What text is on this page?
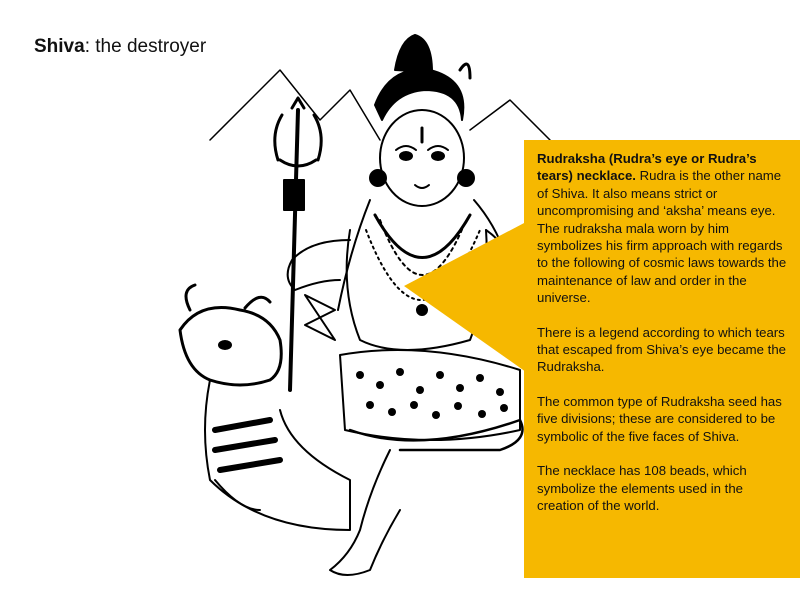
Shiva: the destroyer

Rudraksha (Rudra’s eye or Rudra’s tears) necklace. Rudra is the other name of Shiva. It also means strict or uncompromising and ‘aksha’ means eye. The rudraksha mala worn by him symbolizes his firm approach with regards to the following of cosmic laws towards the maintenance of law and order in the universe.

There is a legend according to which tears that escaped from Shiva’s eye became the Rudraksha.

The common type of Rudraksha seed has five divisions; these are considered to be symbolic of the five faces of Shiva.

The necklace has 108 beads, which symbolize the elements used in the creation of the world.
